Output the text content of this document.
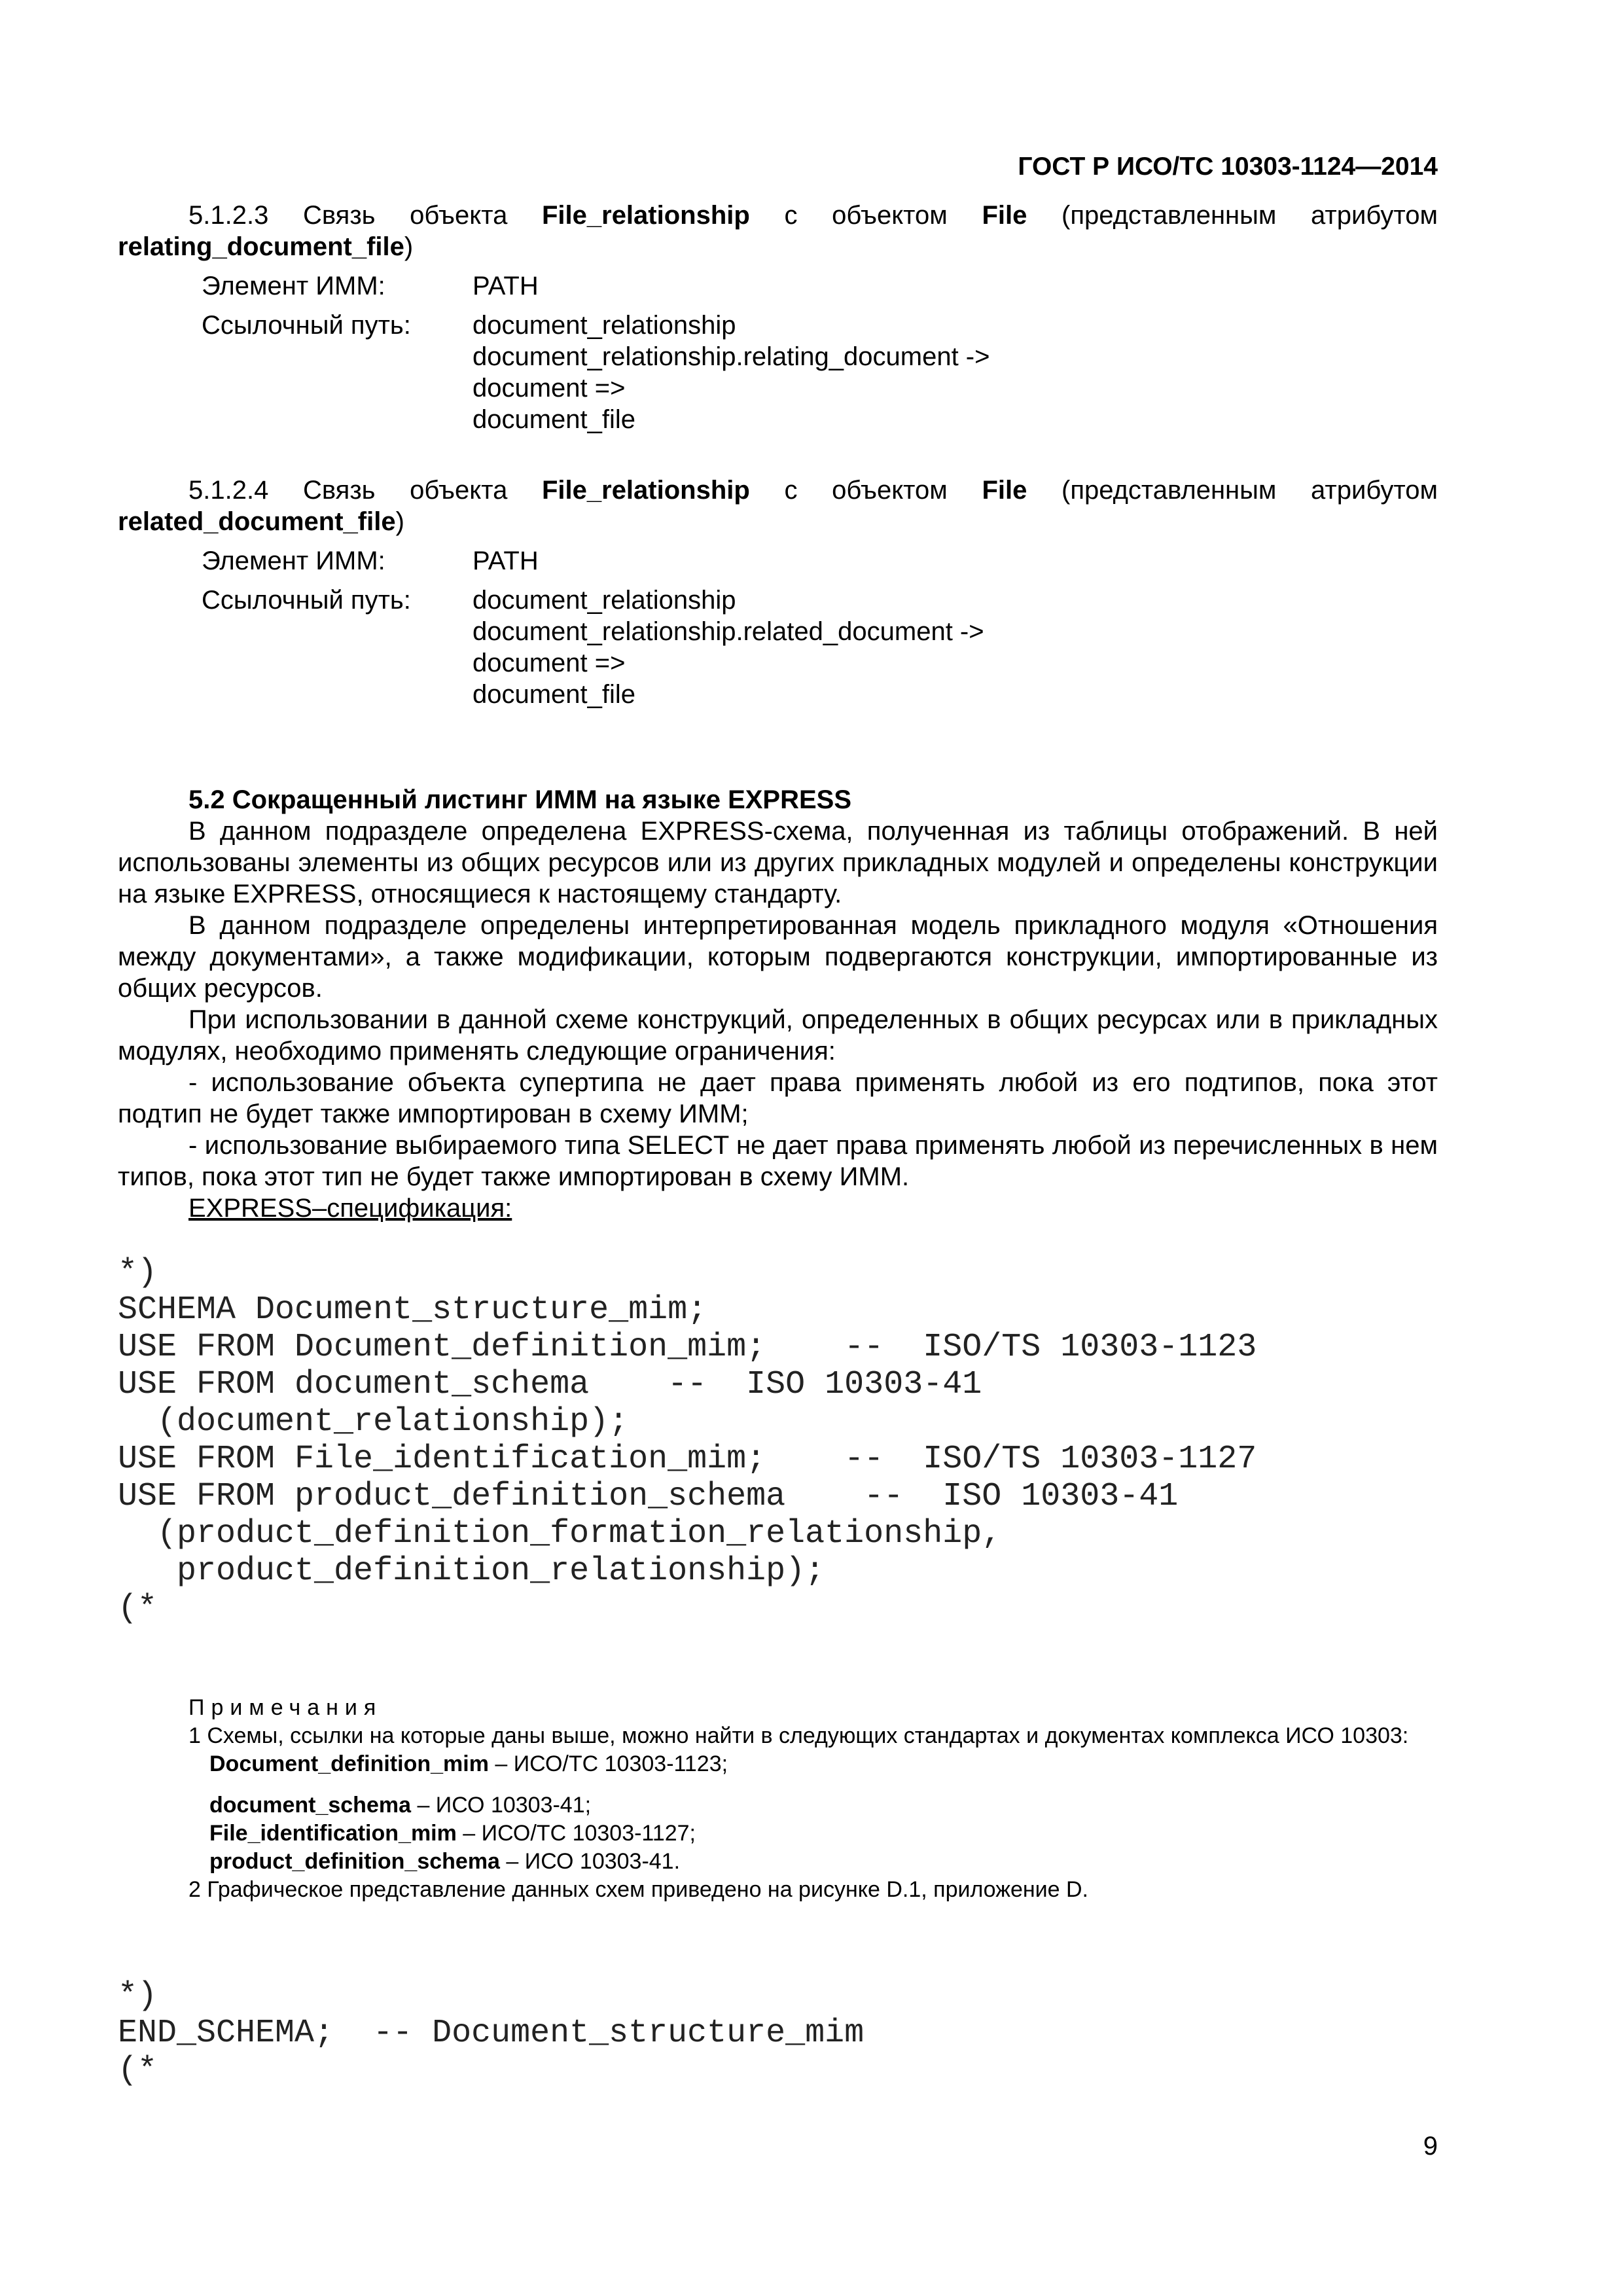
ГОСТ Р ИСО/ТС 10303-1124—2014
5.1.2.3 Связь объекта File_relationship с объектом File (представленным атрибутом
relating_document_file)
Элемент ИММ:	PATH
Ссылочный путь:	document_relationship
document_relationship.relating_document ->
document =>
document_file
5.1.2.4 Связь объекта File_relationship с объектом File (представленным атрибутом
related_document_file)
Элемент ИММ:	PATH
Ссылочный путь:	document_relationship
document_relationship.related_document ->
document =>
document_file
5.2 Сокращенный листинг ИММ на языке EXPRESS
В данном подразделе определена EXPRESS-схема, полученная из таблицы отображений. В ней использованы элементы из общих ресурсов или из других прикладных модулей и определены конструкции на языке EXPRESS, относящиеся к настоящему стандарту.
В данном подразделе определены интерпретированная модель прикладного модуля «Отношения между документами», а также модификации, которым подвергаются конструкции, импортированные из общих ресурсов.
При использовании в данной схеме конструкций, определенных в общих ресурсах или в прикладных модулях, необходимо применять следующие ограничения:
- использование объекта супертипа не дает права применять любой из его подтипов, пока этот подтип не будет также импортирован в схему ИММ;
- использование выбираемого типа SELECT не дает права применять любой из перечисленных в нем типов, пока этот тип не будет также импортирован в схему ИММ.
EXPRESS–спецификация:
*)
SCHEMA Document_structure_mim;
USE FROM Document_definition_mim;    --  ISO/TS 10303-1123
USE FROM document_schema    --  ISO 10303-41
(document_relationship);
USE FROM File_identification_mim;    --  ISO/TS 10303-1127
USE FROM product_definition_schema    --  ISO 10303-41
(product_definition_formation_relationship,
product_definition_relationship);
(*
Примечания
1 Схемы, ссылки на которые даны выше, можно найти в следующих стандартах и документах комплекса ИСО 10303:
Document_definition_mim – ИСО/ТС 10303-1123;
document_schema – ИСО 10303-41;
File_identification_mim – ИСО/ТС 10303-1127;
product_definition_schema – ИСО 10303-41.
2 Графическое представление данных схем приведено на рисунке D.1, приложение D.
*)
END_SCHEMA;  -- Document_structure_mim
(*
9
